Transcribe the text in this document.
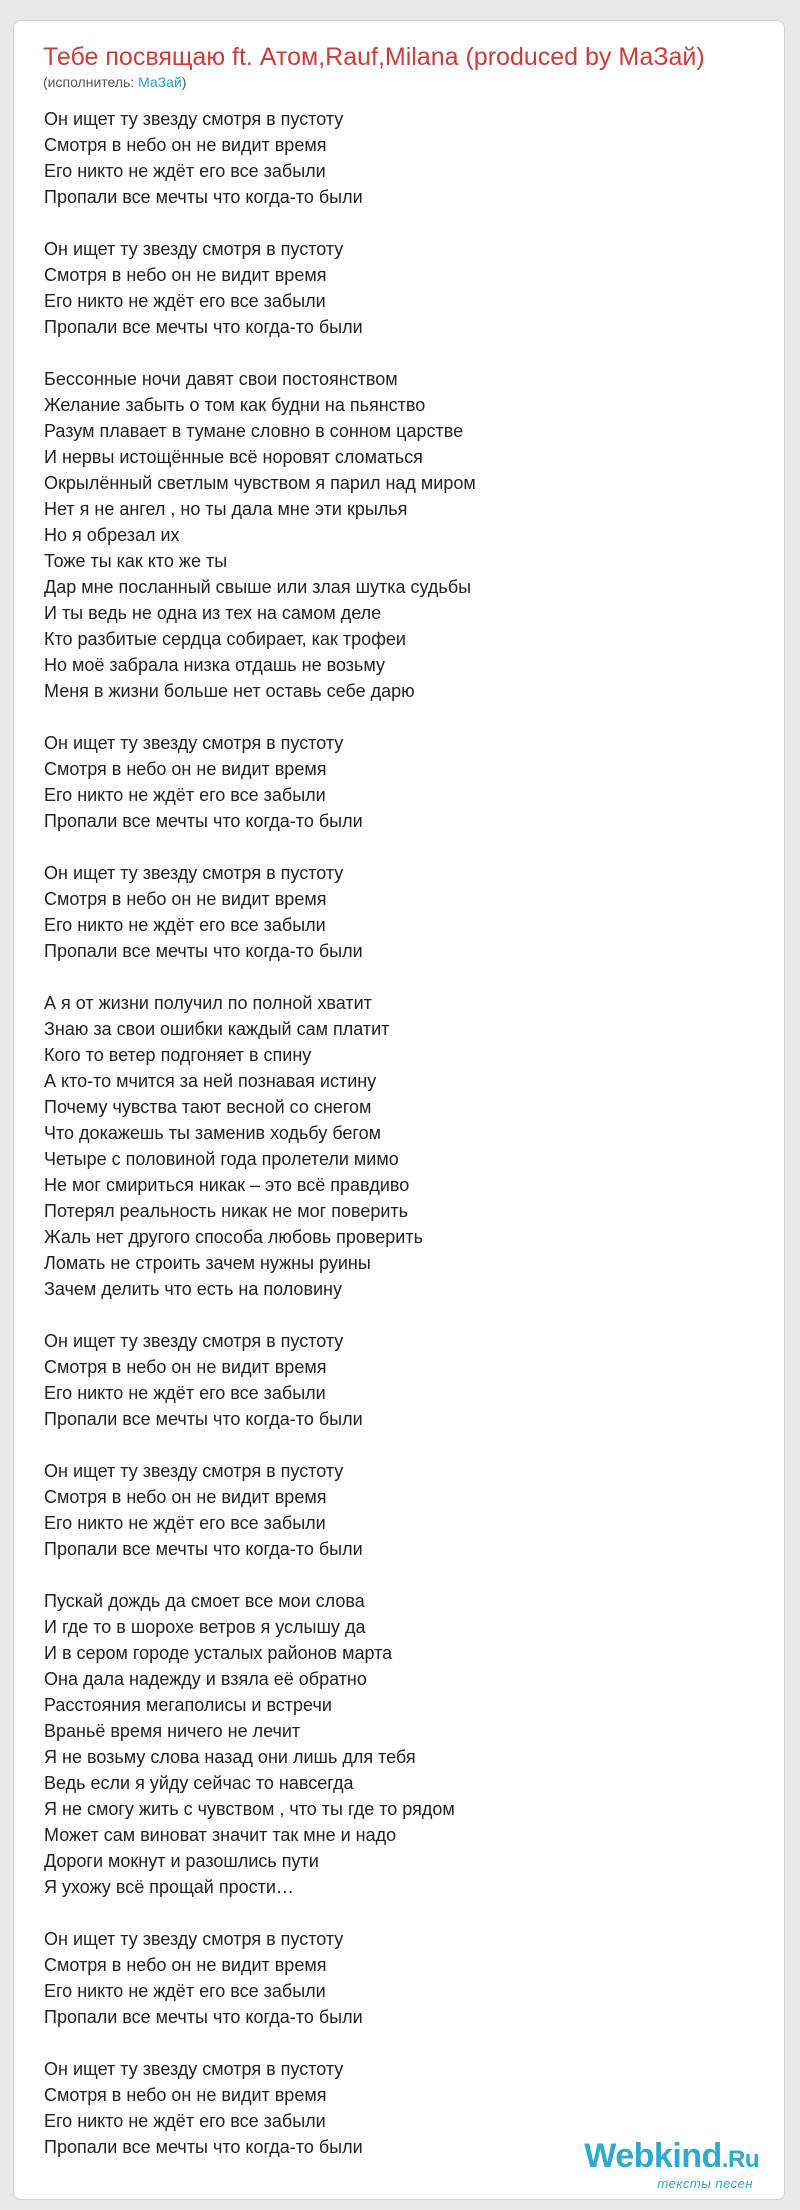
Тебе посвящаю ft. Атом,Rauf,Milana (produced by МаЗай)
(исполнитель: МаЗай)
Он ищет ту звезду смотря в пустоту
Смотря в небо он не видит время
Его никто не ждёт его все забыли
Пропали все мечты что когда-то были
Он ищет ту звезду смотря в пустоту
Смотря в небо он не видит время
Его никто не ждёт его все забыли
Пропали все мечты что когда-то были
Бессонные ночи давят свои постоянством
Желание забыть о том как будни на пьянство
Разум плавает в тумане словно в сонном царстве
И нервы истощённые всё норовят сломаться
Окрылённый светлым чувством я парил над миром
Нет я не ангел , но ты дала мне эти крылья
Но я обрезал их
Тоже ты как кто же ты
Дар мне посланный свыше или злая шутка судьбы
И ты ведь не одна из тех на самом деле
Кто разбитые сердца собирает, как трофеи
Но моё забрала низка отдашь не возьму
Меня в жизни больше нет оставь себе дарю
Он ищет ту звезду смотря в пустоту
Смотря в небо он не видит время
Его никто не ждёт его все забыли
Пропали все мечты что когда-то были
Он ищет ту звезду смотря в пустоту
Смотря в небо он не видит время
Его никто не ждёт его все забыли
Пропали все мечты что когда-то были
А я от жизни получил по полной хватит
Знаю за свои ошибки каждый сам платит
Кого то ветер подгоняет в спину
А кто-то мчится за ней познавая истину
Почему чувства тают весной со снегом
Что докажешь ты заменив ходьбу бегом
Четыре с половиной года пролетели мимо
Не мог смириться никак – это всё правдиво
Потерял реальность никак не мог поверить
Жаль нет другого способа любовь проверить
Ломать не строить зачем нужны руины
Зачем делить что есть на половину
Он ищет ту звезду смотря в пустоту
Смотря в небо он не видит время
Его никто не ждёт его все забыли
Пропали все мечты что когда-то были
Он ищет ту звезду смотря в пустоту
Смотря в небо он не видит время
Его никто не ждёт его все забыли
Пропали все мечты что когда-то были
Пускай дождь да смоет все мои слова
И где то в шорохе ветров я услышу да
И в сером городе усталых районов марта
Она дала надежду и взяла её обратно
Расстояния мегаполисы и встречи
Враньё время ничего не лечит
Я не возьму слова назад они лишь для тебя
Ведь если я уйду сейчас то навсегда
Я не смогу жить с чувством , что ты где то рядом
Может сам виноват значит так мне и надо
Дороги мокнут и разошлись пути
Я ухожу всё прощай прости…
Он ищет ту звезду смотря в пустоту
Смотря в небо он не видит время
Его никто не ждёт его все забыли
Пропали все мечты что когда-то были
Он ищет ту звезду смотря в пустоту
Смотря в небо он не видит время
Его никто не ждёт его все забыли
Пропали все мечты что когда-то были	Webkind.Ru
тексты песен
